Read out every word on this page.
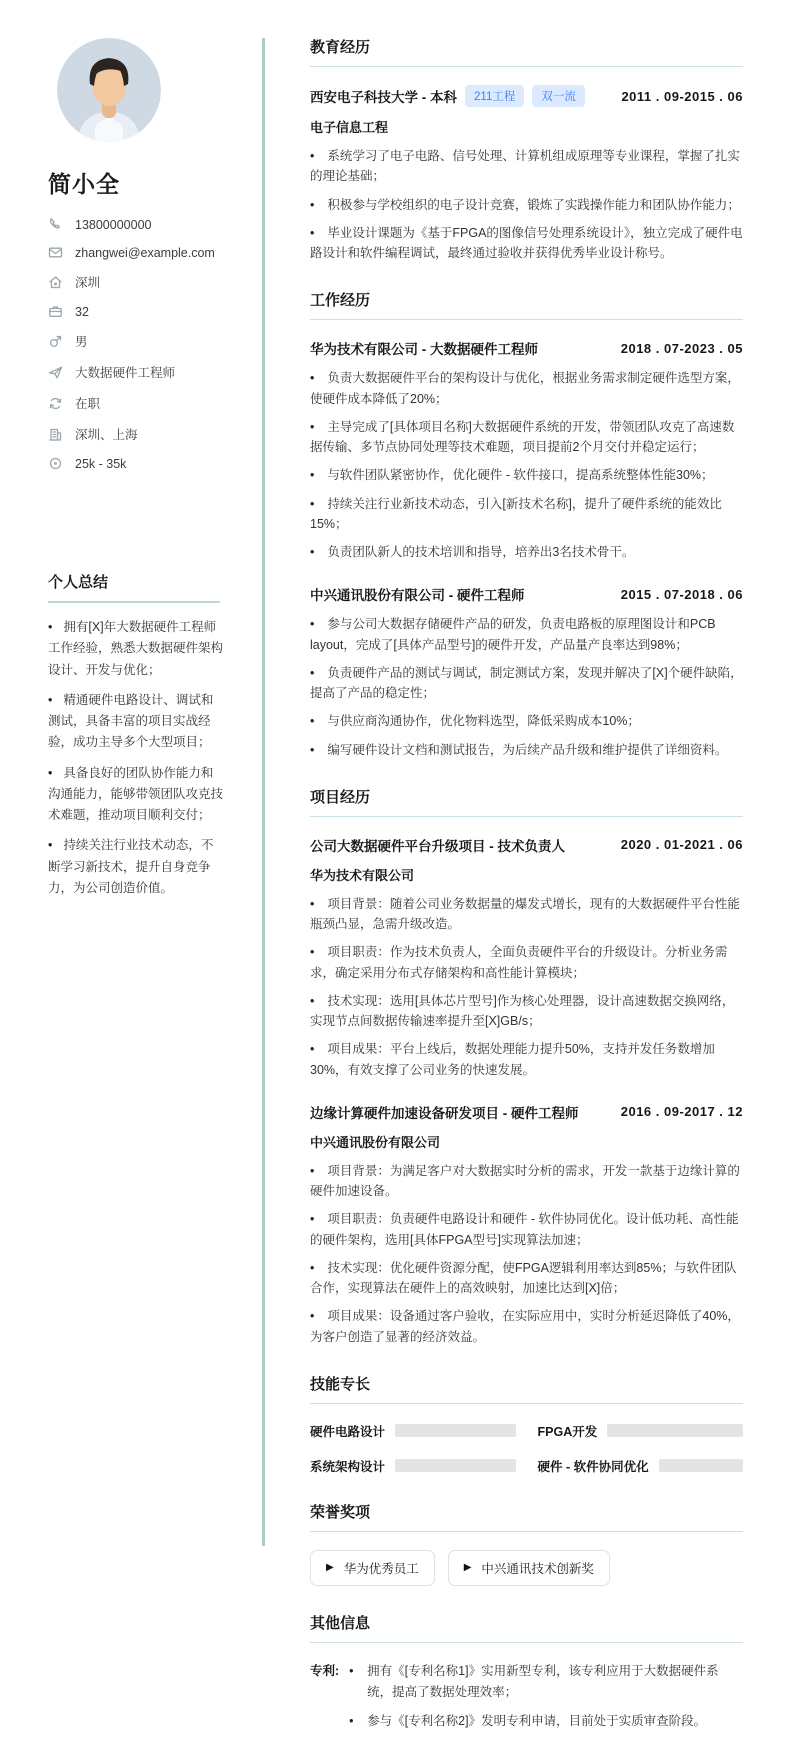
简小全
13800000000
zhangwei@example.com
深圳
32
男
大数据硬件工程师
在职
深圳、上海
25k - 35k
个人总结
• 拥有[X]年大数据硬件工程师工作经验，熟悉大数据硬件架构设计、开发与优化；
• 精通硬件电路设计、调试和测试，具备丰富的项目实战经验，成功主导多个大型项目；
• 具备良好的团队协作能力和沟通能力，能够带领团队攻克技术难题，推动项目顺利交付；
• 持续关注行业技术动态，不断学习新技术，提升自身竞争力，为公司创造价值。
教育经历
西安电子科技大学 - 本科	211工程	双一流	2011 . 09-2015 . 06
电子信息工程
• 系统学习了电子电路、信号处理、计算机组成原理等专业课程，掌握了扎实的理论基础；
• 积极参与学校组织的电子设计竞赛，锻炼了实践操作能力和团队协作能力；
• 毕业设计课题为《基于FPGA的图像信号处理系统设计》，独立完成了硬件电路设计和软件编程调试，最终通过验收并获得优秀毕业设计称号。
工作经历
华为技术有限公司 - 大数据硬件工程师	2018 . 07-2023 . 05
• 负责大数据硬件平台的架构设计与优化，根据业务需求制定硬件选型方案，使硬件成本降低了20%；
• 主导完成了[具体项目名称]大数据硬件系统的开发，带领团队攻克了高速数据传输、多节点协同处理等技术难题，项目提前2个月交付并稳定运行；
• 与软件团队紧密协作，优化硬件 - 软件接口，提高系统整体性能30%；
• 持续关注行业新技术动态，引入[新技术名称]，提升了硬件系统的能效比15%；
• 负责团队新人的技术培训和指导，培养出3名技术骨干。
中兴通讯股份有限公司 - 硬件工程师	2015 . 07-2018 . 06
• 参与公司大数据存储硬件产品的研发，负责电路板的原理图设计和PCB layout，完成了[具体产品型号]的硬件开发，产品量产良率达到98%；
• 负责硬件产品的测试与调试，制定测试方案，发现并解决了[X]个硬件缺陷，提高了产品的稳定性；
• 与供应商沟通协作，优化物料选型，降低采购成本10%；
• 编写硬件设计文档和测试报告，为后续产品升级和维护提供了详细资料。
项目经历
公司大数据硬件平台升级项目 - 技术负责人	2020 . 01-2021 . 06
华为技术有限公司
• 项目背景：随着公司业务数据量的爆发式增长，现有的大数据硬件平台性能瓶颈凸显，急需升级改造。
• 项目职责：作为技术负责人，全面负责硬件平台的升级设计。分析业务需求，确定采用分布式存储架构和高性能计算模块；
• 技术实现：选用[具体芯片型号]作为核心处理器，设计高速数据交换网络，实现节点间数据传输速率提升至[X]GB/s；
• 项目成果：平台上线后，数据处理能力提升50%，支持并发任务数增加30%，有效支撑了公司业务的快速发展。
边缘计算硬件加速设备研发项目 - 硬件工程师	2016 . 09-2017 . 12
中兴通讯股份有限公司
• 项目背景：为满足客户对大数据实时分析的需求，开发一款基于边缘计算的硬件加速设备。
• 项目职责：负责硬件电路设计和硬件 - 软件协同优化。设计低功耗、高性能的硬件架构，选用[具体FPGA型号]实现算法加速；
• 技术实现：优化硬件资源分配，使FPGA逻辑利用率达到85%；与软件团队合作，实现算法在硬件上的高效映射，加速比达到[X]倍；
• 项目成果：设备通过客户验收，在实际应用中，实时分析延迟降低了40%，为客户创造了显著的经济效益。
技能专长
硬件电路设计	FPGA开发
系统架构设计	硬件 - 软件协同优化
荣誉奖项
▶ 华为优秀员工	▶ 中兴通讯技术创新奖
其他信息
专利:	• 拥有《[专利名称1]》实用新型专利，该专利应用于大数据硬件系统，提高了数据处理效率；
• 参与《[专利名称2]》发明专利申请，目前处于实质审查阶段。
